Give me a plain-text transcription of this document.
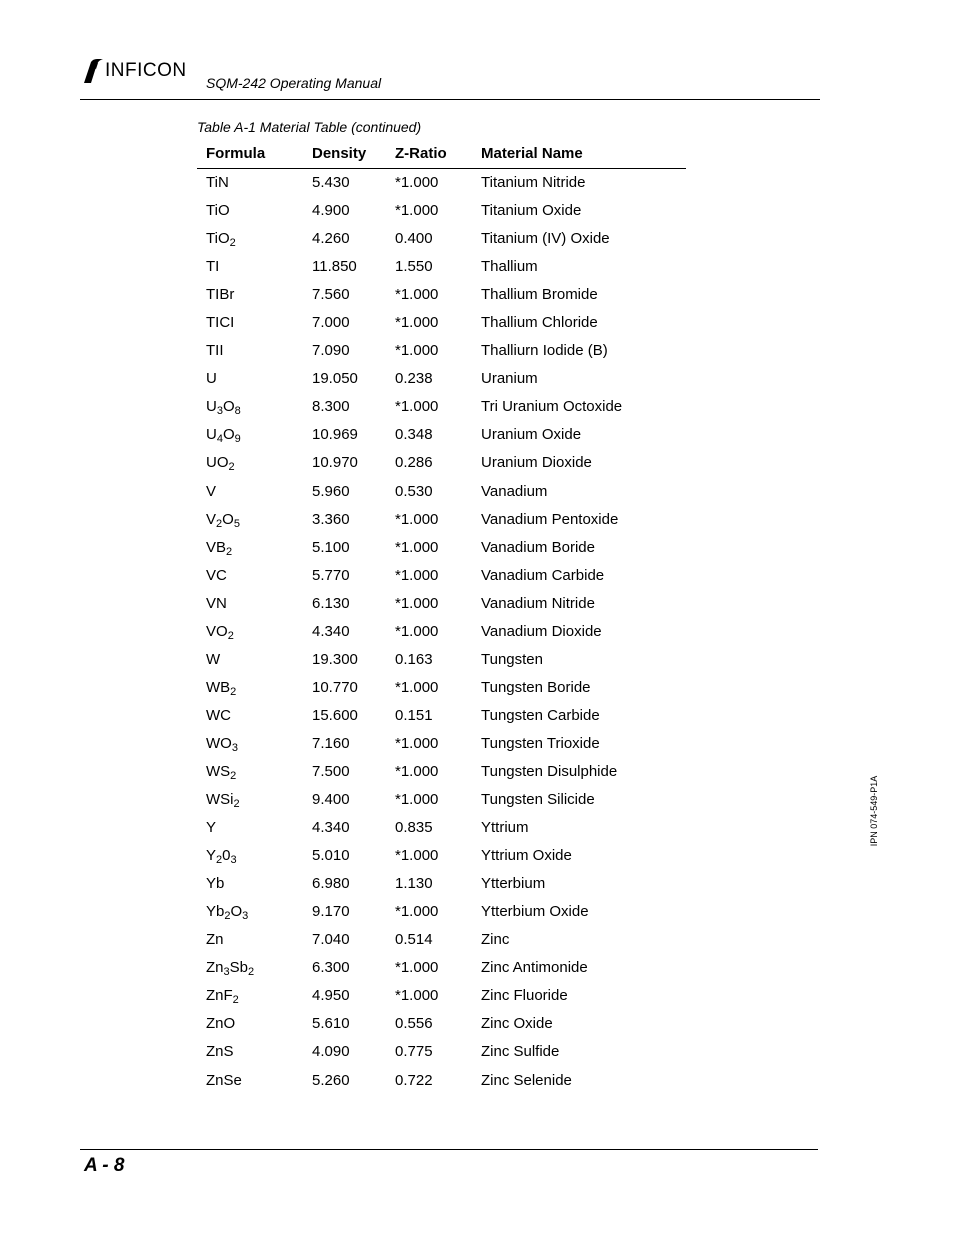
INFICON
SQM-242 Operating Manual
Table A-1 Material Table (continued)
Formula	Density	Z-Ratio	Material Name
TiN	5.430	*1.000	Titanium Nitride
TiO	4.900	*1.000	Titanium Oxide
TiO$_2$	4.260	0.400	Titanium (IV) Oxide
TI	11.850	1.550	Thallium
TIBr	7.560	*1.000	Thallium Bromide
TICI	7.000	*1.000	Thallium Chloride
TII	7.090	*1.000	Thalliurn Iodide (B)
U	19.050	0.238	Uranium
$U_3O_8$	8.300	*1.000	Tri Uranium Octoxide
$U_4O_9$	10.969	0.348	Uranium Oxide
$UO_2$	10.970	0.286	Uranium Dioxide
V	5.960	0.530	Vanadium
$V_2O_5$	3.360	*1.000	Vanadium Pentoxide
$VB_2$	5.100	*1.000	Vanadium Boride
VC	5.770	*1.000	Vanadium Carbide
VN	6.130	*1.000	Vanadium Nitride
$VO_2$	4.340	*1.000	Vanadium Dioxide
W	19.300	0.163	Tungsten
$WB_2$	10.770	*1.000	Tungsten Boride
WC	15.600	0.151	Tungsten Carbide
$WO_3$	7.160	*1.000	Tungsten Trioxide
$WS_2$	7.500	*1.000	Tungsten Disulphide
WSi$_2$	9.400	*1.000	Tungsten Silicide
Y	4.340	0.835	Yttrium
$Y_20_3$	5.010	*1.000	Yttrium Oxide
Yb	6.980	1.130	Ytterbium
$Yb_2O_3$	9.170	*1.000	Ytterbium Oxide
Zn	7.040	0.514	Zinc
$Zn_3Sb_2$	6.300	*1.000	Zinc Antimonide
ZnF$_2$	4.950	*1.000	Zinc Fluoride
ZnO	5.610	0.556	Zinc Oxide
ZnS	4.090	0.775	Zinc Sulfide
ZnSe	5.260	0.722	Zinc Selenide
IPN 074-549-P1A
A - 8
